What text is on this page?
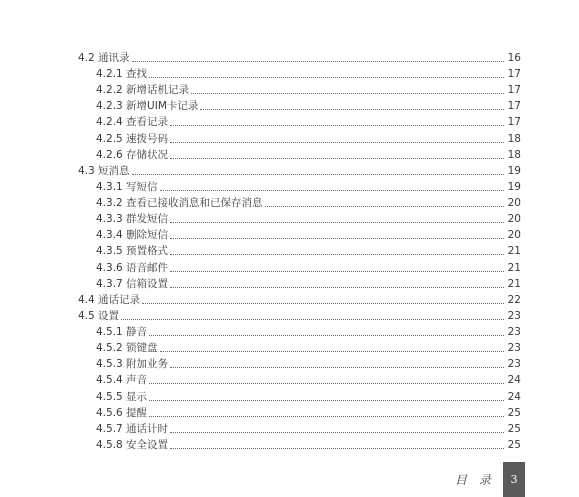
4.2 通讯录	16
4.2.1 查找	17
4.2.2 新增话机记录	17
4.2.3 新增UIM卡记录	17
4.2.4 查看记录	17
4.2.5 速拨号码	18
4.2.6 存储状况	18
4.3 短消息	19
4.3.1 写短信	19
4.3.2 查看已接收消息和已保存消息	20
4.3.3 群发短信	20
4.3.4 删除短信	20
4.3.5 预置格式	21
4.3.6 语音邮件	21
4.3.7 信箱设置	21
4.4 通话记录	22
4.5 设置	23
4.5.1 静音	23
4.5.2 锁键盘	23
4.5.3 附加业务	23
4.5.4 声音	24
4.5.5 显示	24
4.5.6 提醒	25
4.5.7 通话计时	25
4.5.8 安全设置	25
目 录 3
